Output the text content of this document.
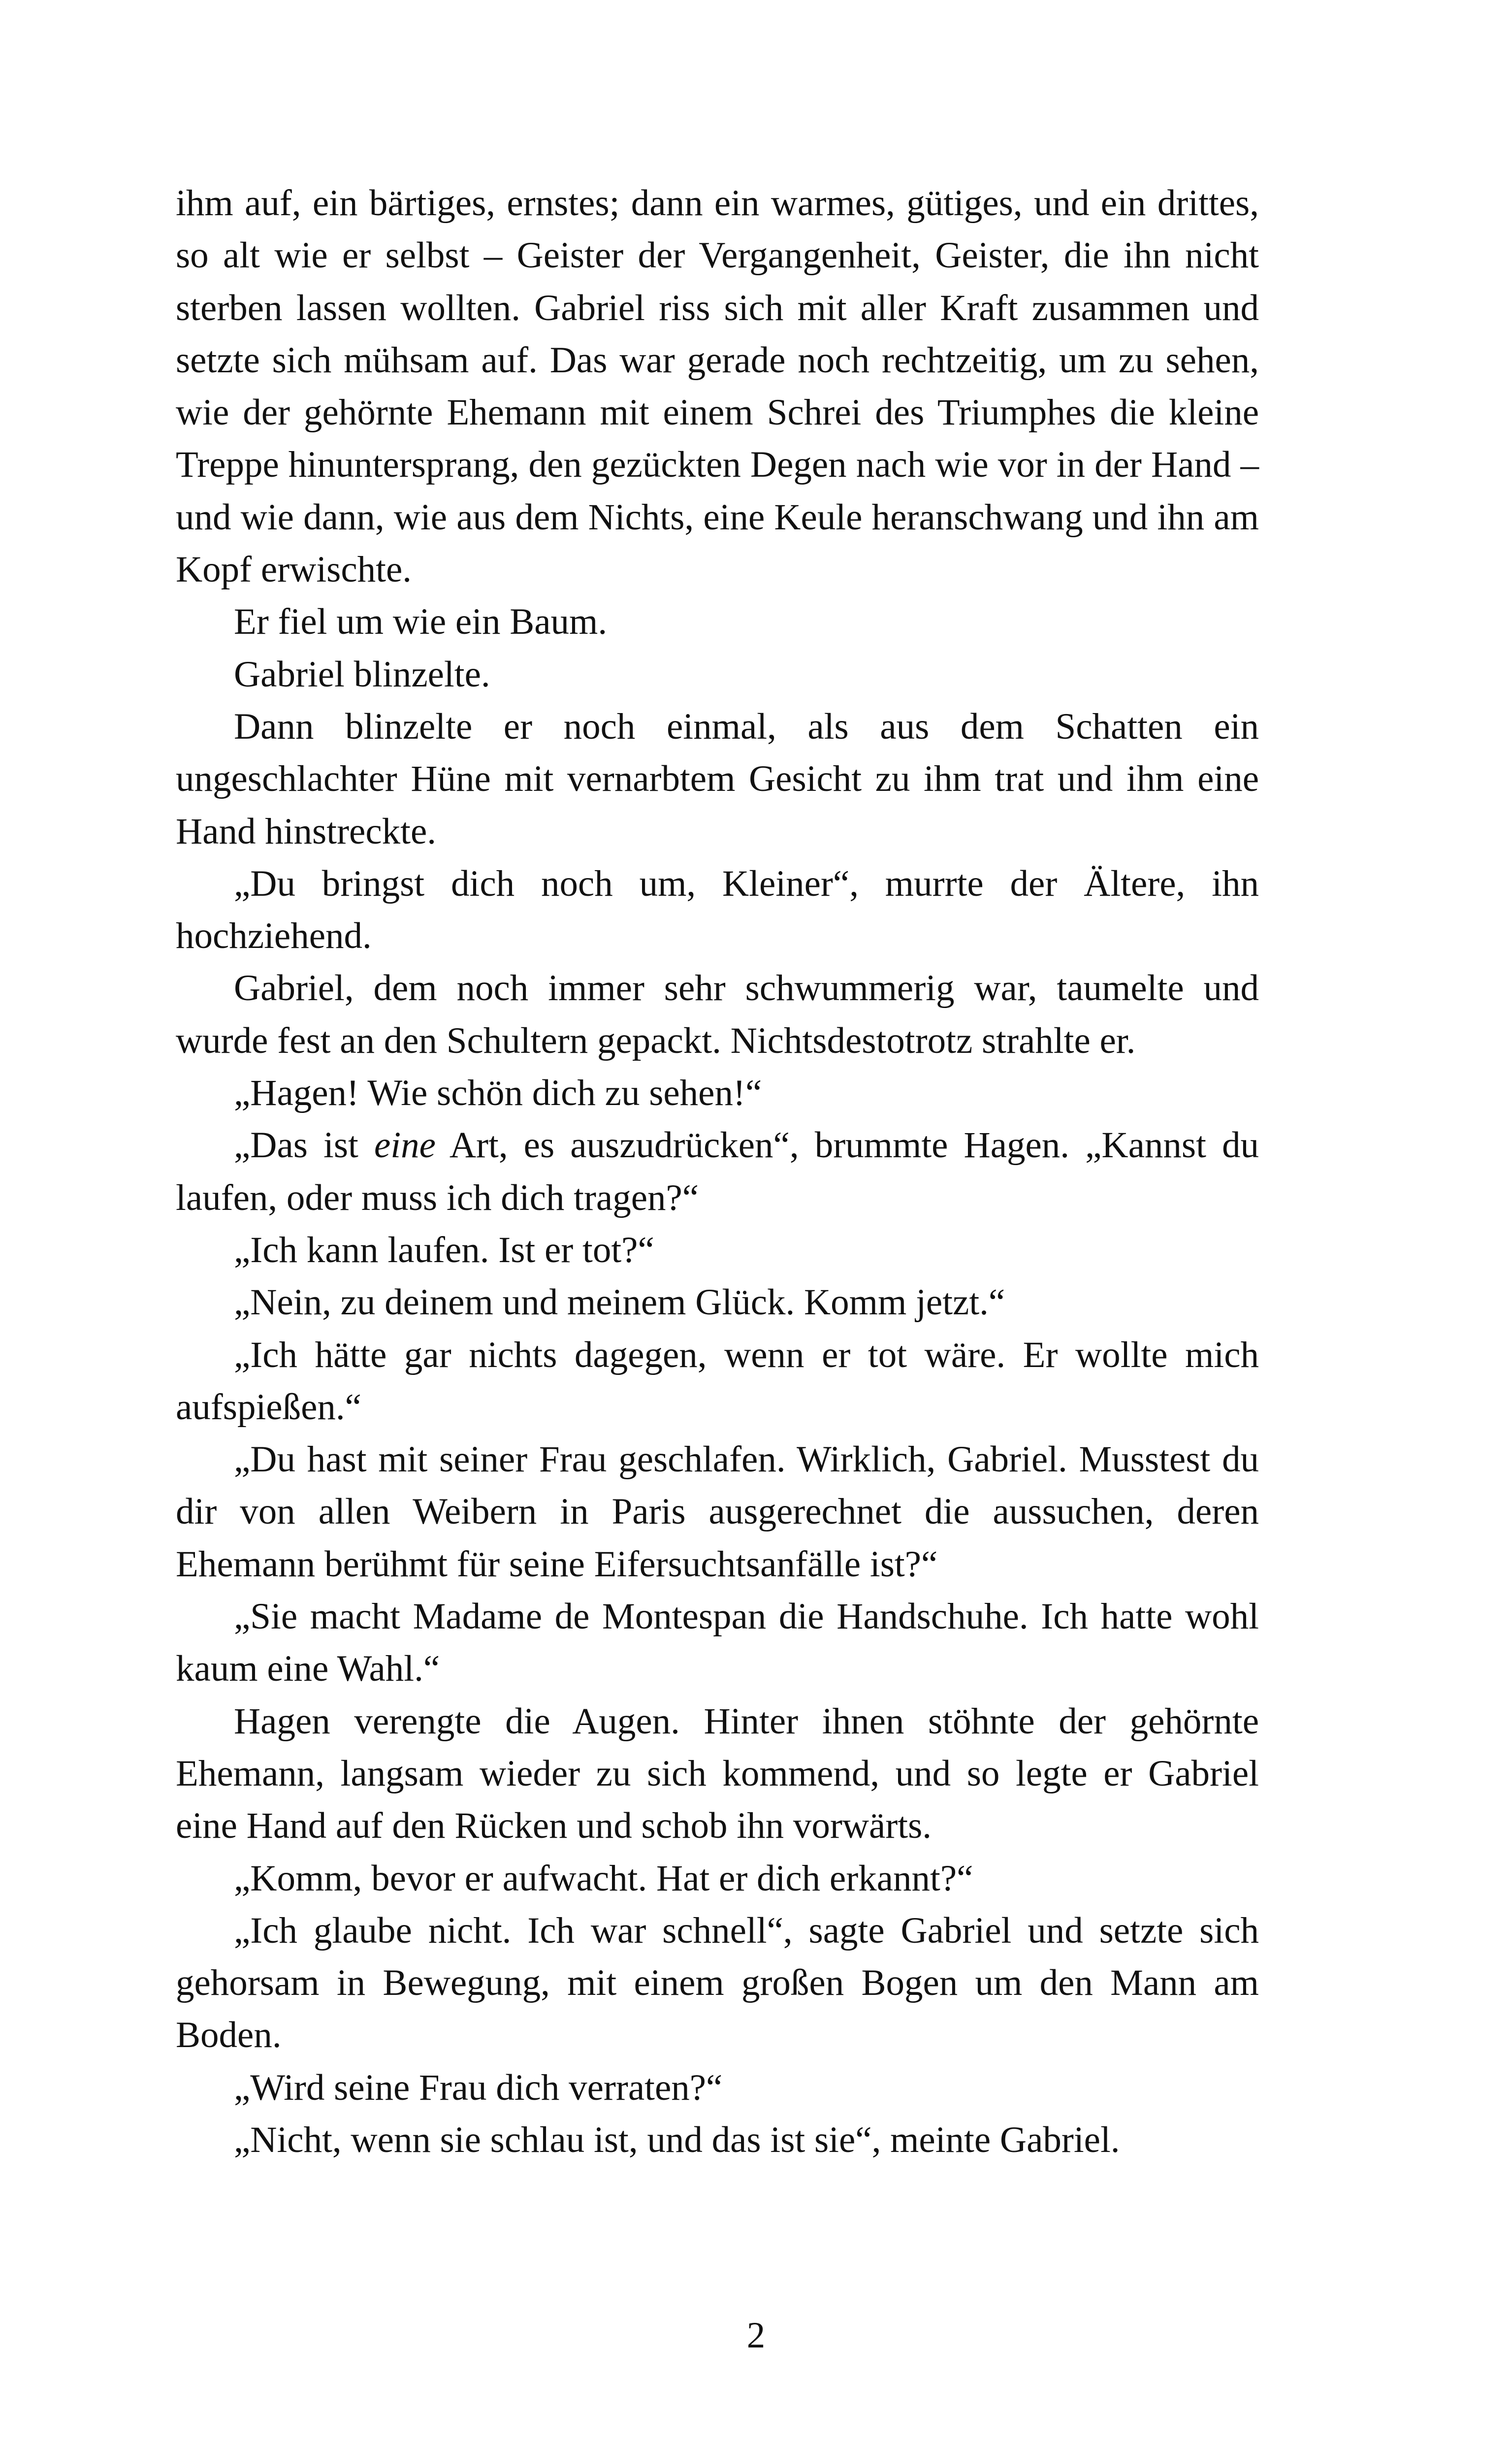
ihm auf, ein bärtiges, ernstes; dann ein warmes, gütiges, und ein drittes, so alt wie er selbst – Geister der Vergangenheit, Geister, die ihn nicht sterben lassen wollten. Gabriel riss sich mit aller Kraft zusammen und setzte sich mühsam auf. Das war gerade noch rechtzeitig, um zu sehen, wie der gehörnte Ehemann mit einem Schrei des Triumphes die kleine Treppe hinuntersprang, den gezückten Degen nach wie vor in der Hand – und wie dann, wie aus dem Nichts, eine Keule heranschwang und ihn am Kopf erwischte.

Er fiel um wie ein Baum.

Gabriel blinzelte.

Dann blinzelte er noch einmal, als aus dem Schatten ein ungeschlachter Hüne mit vernarbtem Gesicht zu ihm trat und ihm eine Hand hinstreckte.

„Du bringst dich noch um, Kleiner“, murrte der Ältere, ihn hochziehend.

Gabriel, dem noch immer sehr schwummerig war, taumelte und wurde fest an den Schultern gepackt. Nichtsdestotrotz strahlte er.

„Hagen! Wie schön dich zu sehen!“

„Das ist eine Art, es auszudrücken“, brummte Hagen. „Kannst du laufen, oder muss ich dich tragen?“

„Ich kann laufen. Ist er tot?“

„Nein, zu deinem und meinem Glück. Komm jetzt.“

„Ich hätte gar nichts dagegen, wenn er tot wäre. Er wollte mich aufspießen.“

„Du hast mit seiner Frau geschlafen. Wirklich, Gabriel. Musstest du dir von allen Weibern in Paris ausgerechnet die aussuchen, deren Ehemann berühmt für seine Eifersuchtsanfälle ist?“

„Sie macht Madame de Montespan die Handschuhe. Ich hatte wohl kaum eine Wahl.“

Hagen verengte die Augen. Hinter ihnen stöhnte der gehörnte Ehemann, langsam wieder zu sich kommend, und so legte er Gabriel eine Hand auf den Rücken und schob ihn vorwärts.

„Komm, bevor er aufwacht. Hat er dich erkannt?“

„Ich glaube nicht. Ich war schnell“, sagte Gabriel und setzte sich gehorsam in Bewegung, mit einem großen Bogen um den Mann am Boden.

„Wird seine Frau dich verraten?“

„Nicht, wenn sie schlau ist, und das ist sie“, meinte Gabriel.

2
